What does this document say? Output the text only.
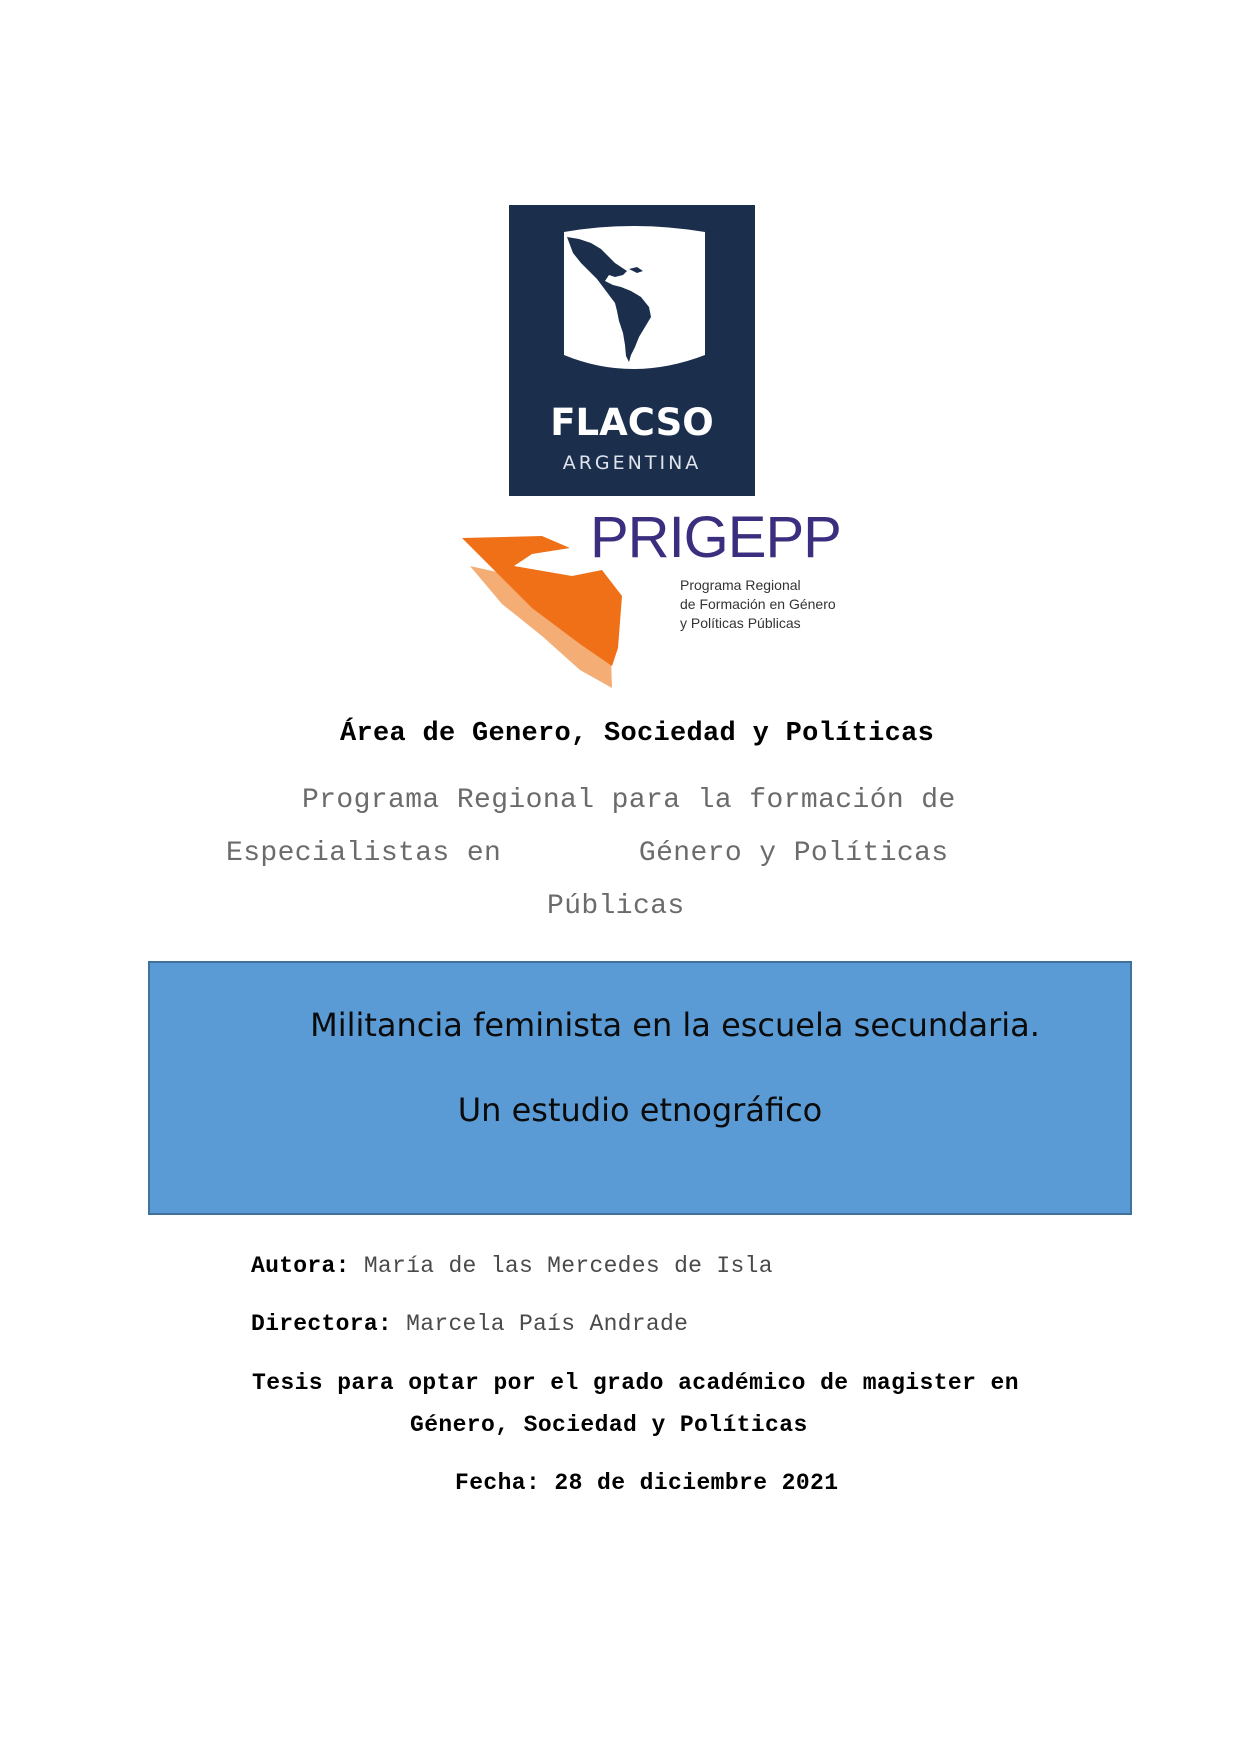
FLACSO
ARGENTINA
PRIGEPP
Programa Regional
de Formación en Género
y Políticas Públicas
Área de Genero, Sociedad y Políticas
Programa Regional para la formación de
Especialistas en        Género y Políticas
Públicas
Militancia feminista en la escuela secundaria.
Un estudio etnográfico
Autora: María de las Mercedes de Isla
Directora: Marcela País Andrade
Tesis para optar por el grado académico de magister en
Género, Sociedad y Políticas
Fecha: 28 de diciembre 2021
